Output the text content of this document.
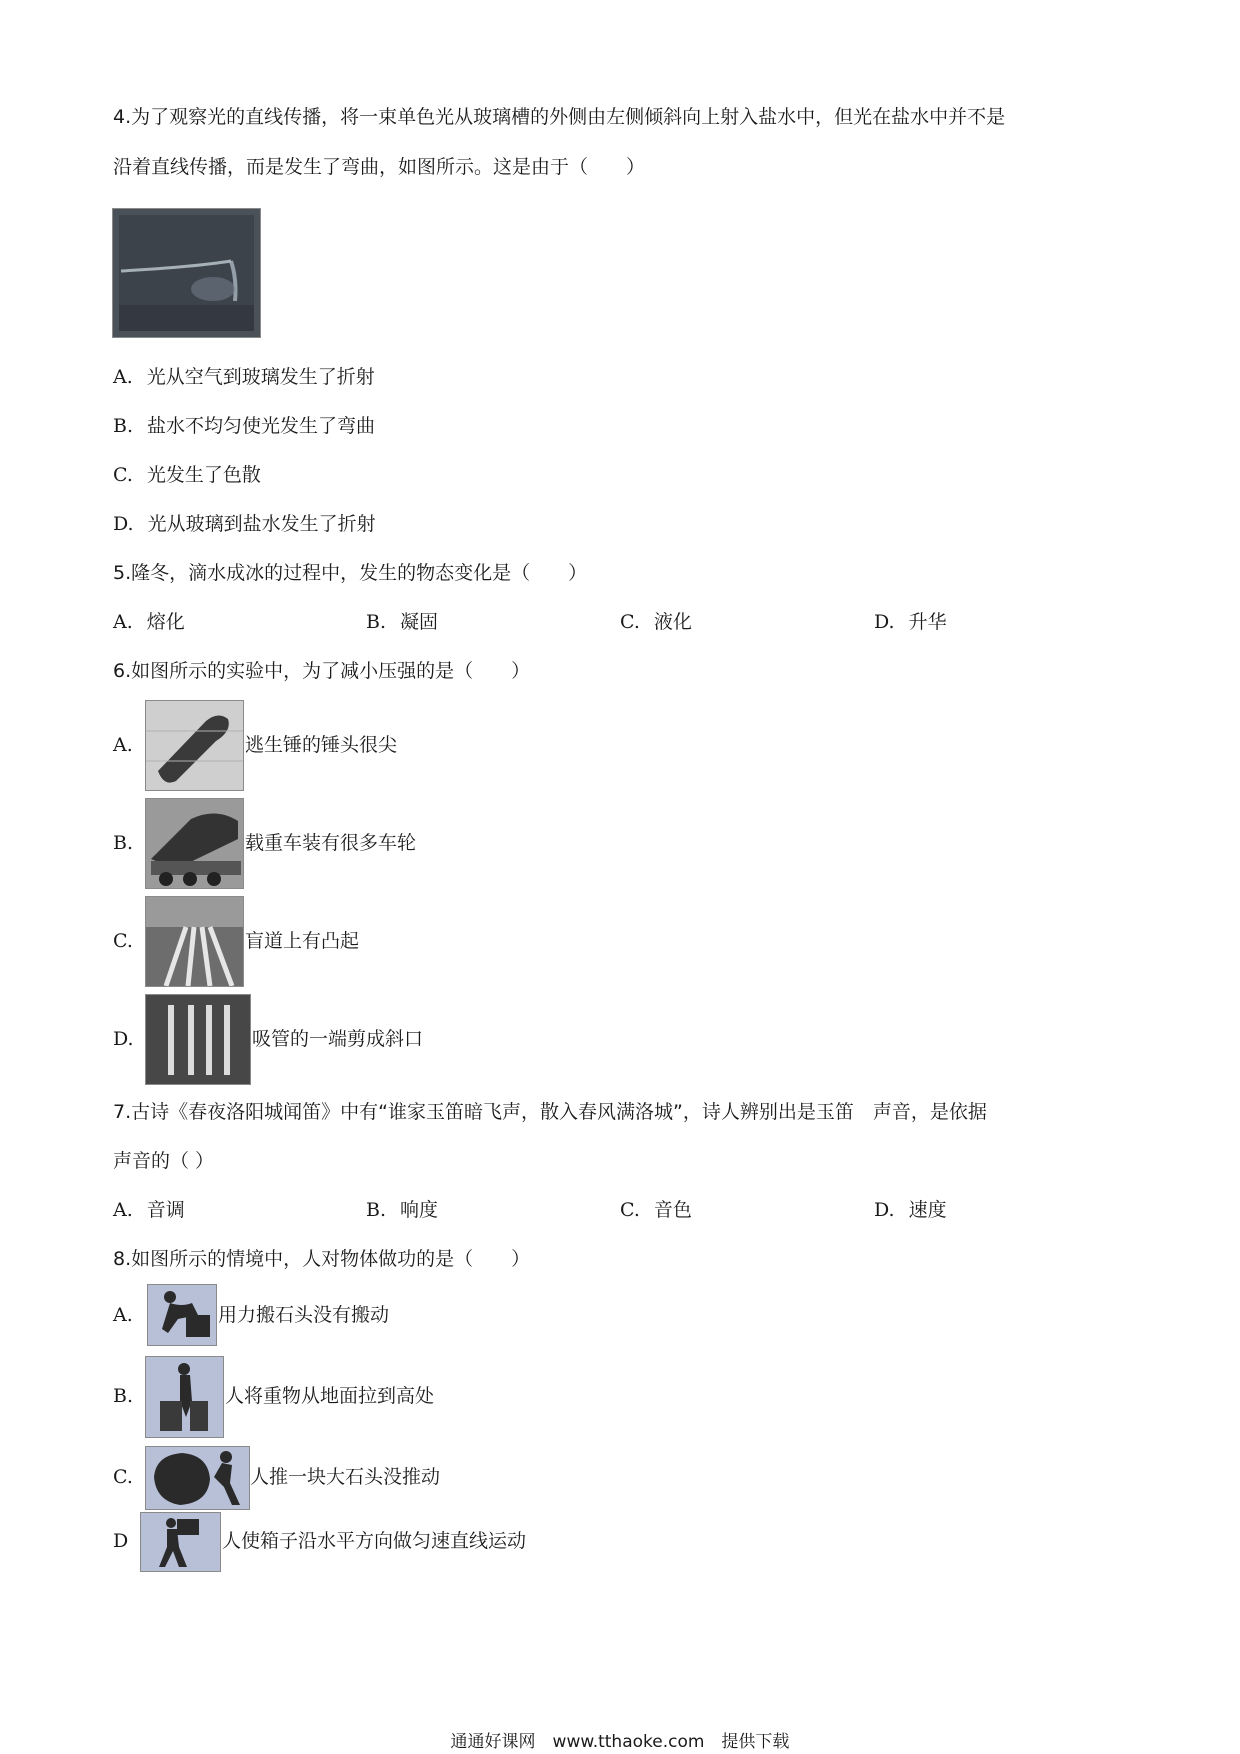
4.为了观察光的直线传播，将一束单色光从玻璃槽的外侧由左侧倾斜向上射入盐水中，但光在盐水中并不是
沿着直线传播，而是发生了弯曲，如图所示。这是由于（　　）
A. 光从空气到玻璃发生了折射
B. 盐水不均匀使光发生了弯曲
C. 光发生了色散
D. 光从玻璃到盐水发生了折射
5.隆冬，滴水成冰的过程中，发生的物态变化是（　　）
A. 熔化	B. 凝固	C. 液化	D. 升华
6.如图所示的实验中，为了减小压强的是（　　）
A.	逃生锤的锤头很尖
B.	载重车装有很多车轮
C.	盲道上有凸起
D.	吸管的一端剪成斜口
7.古诗《春夜洛阳城闻笛》中有“谁家玉笛暗飞声，散入春风满洛城”，诗人辨别出是玉笛　声音，是依据
声音的（ ）
A. 音调	B. 响度	C. 音色	D. 速度
8.如图所示的情境中，人对物体做功的是（　　）
A.	用力搬石头没有搬动
B.	人将重物从地面拉到高处
C.	人推一块大石头没推动
D	人使箱子沿水平方向做匀速直线运动
通通好课网　www.tthaoke.com　提供下载
